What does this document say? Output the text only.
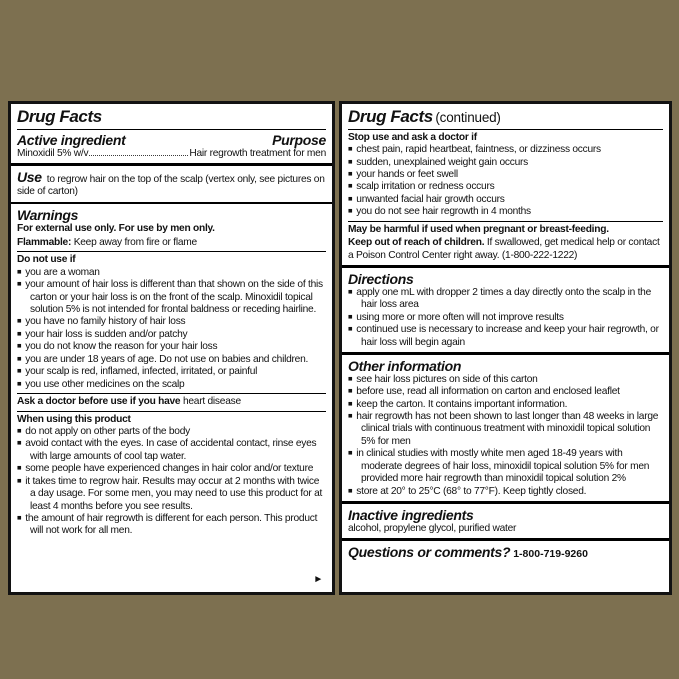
Drug Facts
Active ingredient	Purpose
Minoxidil 5% w/v	Hair regrowth treatment for men

Use to regrow hair on the top of the scalp (vertex only, see pictures on side of carton)

Warnings

For external use only. For use by men only.

Flammable: Keep away from fire or flame

Do not use if
■ you are a woman
■ your amount of hair loss is different than that shown on the side of this carton or your hair loss is on the front of the scalp. Minoxidil topical solution 5% is not intended for frontal baldness or receding hairline.
■ you have no family history of hair loss
■ your hair loss is sudden and/or patchy
■ you do not know the reason for your hair loss
■ you are under 18 years of age. Do not use on babies and children.
■ your scalp is red, inflamed, infected, irritated, or painful
■ you use other medicines on the scalp

Ask a doctor before use if you have heart disease

When using this product
■ do not apply on other parts of the body
■ avoid contact with the eyes. In case of accidental contact, rinse eyes with large amounts of cool tap water.
■ some people have experienced changes in hair color and/or texture
■ it takes time to regrow hair. Results may occur at 2 months with twice a day usage. For some men, you may need to use this product for at least 4 months before you see results.
■ the amount of hair regrowth is different for each person. This product will not work for all men.
►
Drug Facts (continued)
Stop use and ask a doctor if
■ chest pain, rapid heartbeat, faintness, or dizziness occurs
■ sudden, unexplained weight gain occurs
■ your hands or feet swell
■ scalp irritation or redness occurs
■ unwanted facial hair growth occurs
■ you do not see hair regrowth in 4 months

May be harmful if used when pregnant or breast-feeding.

Keep out of reach of children. If swallowed, get medical help or contact a Poison Control Center right away. (1-800-222-1222)

Directions
■ apply one mL with dropper 2 times a day directly onto the scalp in the hair loss area
■ using more or more often will not improve results
■ continued use is necessary to increase and keep your hair regrowth, or hair loss will begin again
Other information
■ see hair loss pictures on side of this carton
■ before use, read all information on carton and enclosed leaflet
■ keep the carton. It contains important information.
■ hair regrowth has not been shown to last longer than 48 weeks in large clinical trials with continuous treatment with minoxidil topical solution 5% for men
■ in clinical studies with mostly white men aged 18-49 years with moderate degrees of hair loss, minoxidil topical solution 5% for men provided more hair regrowth than minoxidil topical solution 2%
■ store at 20° to 25°C (68° to 77°F). Keep tightly closed.
Inactive ingredients

alcohol, propylene glycol, purified water

Questions or comments? 1-800-719-9260
